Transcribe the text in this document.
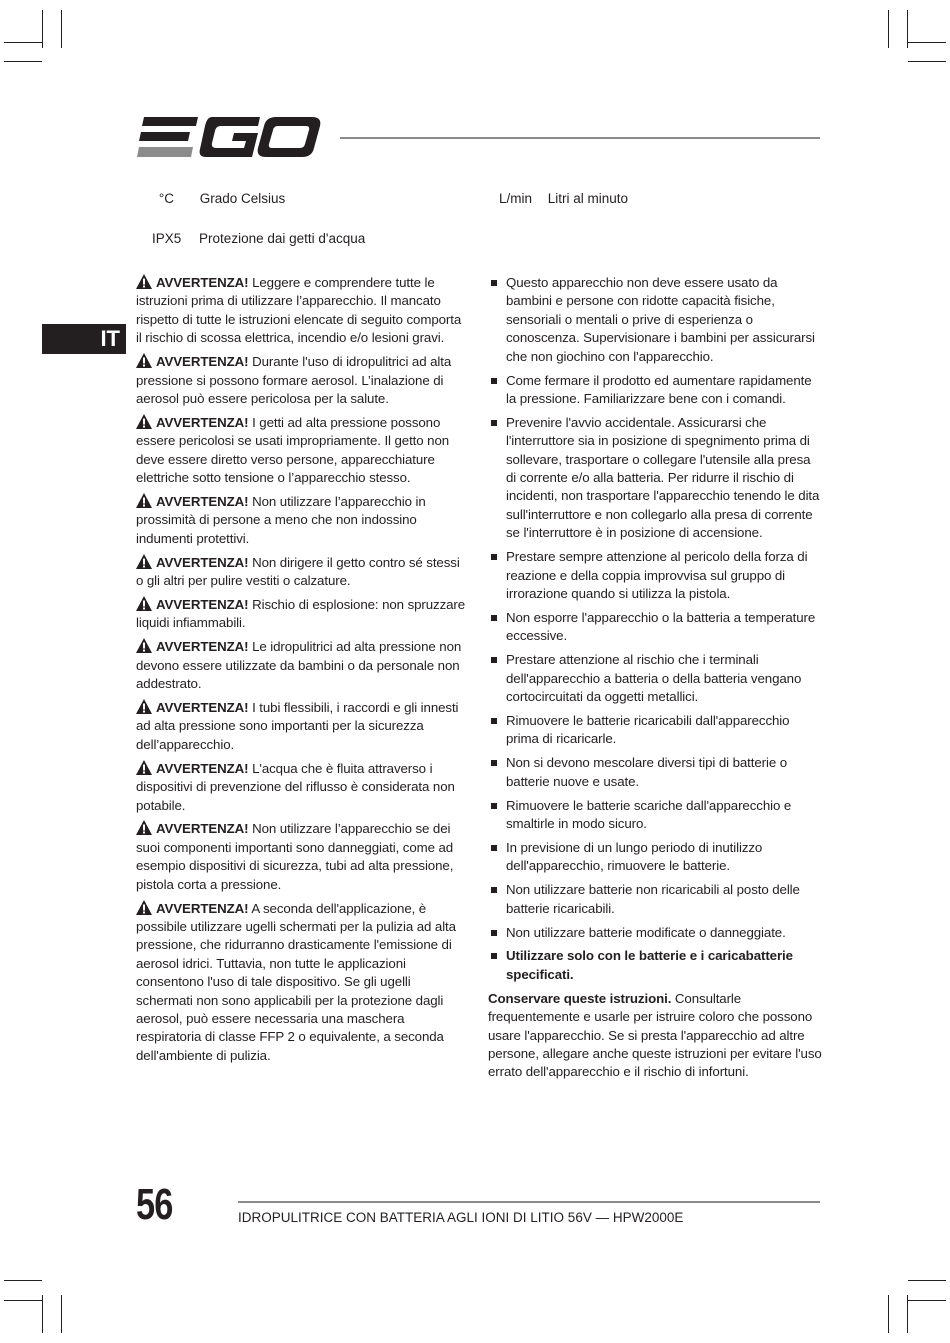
°C Grado Celsius	L/min Litri al minuto
IPX5 Protezione dai getti d'acqua
IT

AVVERTENZA! Leggere e comprendere tutte le istruzioni prima di utilizzare l’apparecchio. Il mancato rispetto di tutte le istruzioni elencate di seguito comporta il rischio di scossa elettrica, incendio e/o lesioni gravi.

AVVERTENZA! Durante l'uso di idropulitrici ad alta pressione si possono formare aerosol. L’inalazione di aerosol può essere pericolosa per la salute.

AVVERTENZA! I getti ad alta pressione possono essere pericolosi se usati impropriamente. Il getto non deve essere diretto verso persone, apparecchiature elettriche sotto tensione o l’apparecchio stesso.

AVVERTENZA! Non utilizzare l’apparecchio in prossimità di persone a meno che non indossino indumenti protettivi.

AVVERTENZA! Non dirigere il getto contro sé stessi o gli altri per pulire vestiti o calzature.

AVVERTENZA! Rischio di esplosione: non spruzzare liquidi infiammabili.

AVVERTENZA! Le idropulitrici ad alta pressione non devono essere utilizzate da bambini o da personale non addestrato.

AVVERTENZA! I tubi flessibili, i raccordi e gli innesti ad alta pressione sono importanti per la sicurezza dell’apparecchio.

AVVERTENZA! L'acqua che è fluita attraverso i dispositivi di prevenzione del riflusso è considerata non potabile.

AVVERTENZA! Non utilizzare l’apparecchio se dei suoi componenti importanti sono danneggiati, come ad esempio dispositivi di sicurezza, tubi ad alta pressione, pistola corta a pressione.

AVVERTENZA! A seconda dell'applicazione, è possibile utilizzare ugelli schermati per la pulizia ad alta pressione, che ridurranno drasticamente l'emissione di aerosol idrici. Tuttavia, non tutte le applicazioni consentono l'uso di tale dispositivo. Se gli ugelli schermati non sono applicabili per la protezione dagli aerosol, può essere necessaria una maschera respiratoria di classe FFP 2 o equivalente, a seconda dell'ambiente di pulizia.

Questo apparecchio non deve essere usato da bambini e persone con ridotte capacità fisiche, sensoriali o mentali o prive di esperienza o conoscenza. Supervisionare i bambini per assicurarsi che non giochino con l'apparecchio.
Come fermare il prodotto ed aumentare rapidamente la pressione. Familiarizzare bene con i comandi.
Prevenire l'avvio accidentale. Assicurarsi che l'interruttore sia in posizione di spegnimento prima di sollevare, trasportare o collegare l'utensile alla presa di corrente e/o alla batteria. Per ridurre il rischio di incidenti, non trasportare l'apparecchio tenendo le dita sull'interruttore e non collegarlo alla presa di corrente se l'interruttore è in posizione di accensione.
Prestare sempre attenzione al pericolo della forza di reazione e della coppia improvvisa sul gruppo di irrorazione quando si utilizza la pistola.
Non esporre l'apparecchio o la batteria a temperature eccessive.
Prestare attenzione al rischio che i terminali dell'apparecchio a batteria o della batteria vengano cortocircuitati da oggetti metallici.
Rimuovere le batterie ricaricabili dall'apparecchio prima di ricaricarle.
Non si devono mescolare diversi tipi di batterie o batterie nuove e usate.
Rimuovere le batterie scariche dall'apparecchio e smaltirle in modo sicuro.
In previsione di un lungo periodo di inutilizzo dell'apparecchio, rimuovere le batterie.
Non utilizzare batterie non ricaricabili al posto delle batterie ricaricabili.
Non utilizzare batterie modificate o danneggiate.
Utilizzare solo con le batterie e i caricabatterie specificati.

Conservare queste istruzioni. Consultarle frequentemente e usarle per istruire coloro che possono usare l'apparecchio. Se si presta l'apparecchio ad altre persone, allegare anche queste istruzioni per evitare l'uso errato dell'apparecchio e il rischio di infortuni.

56	IDROPULITRICE CON BATTERIA AGLI IONI DI LITIO 56V — HPW2000E
